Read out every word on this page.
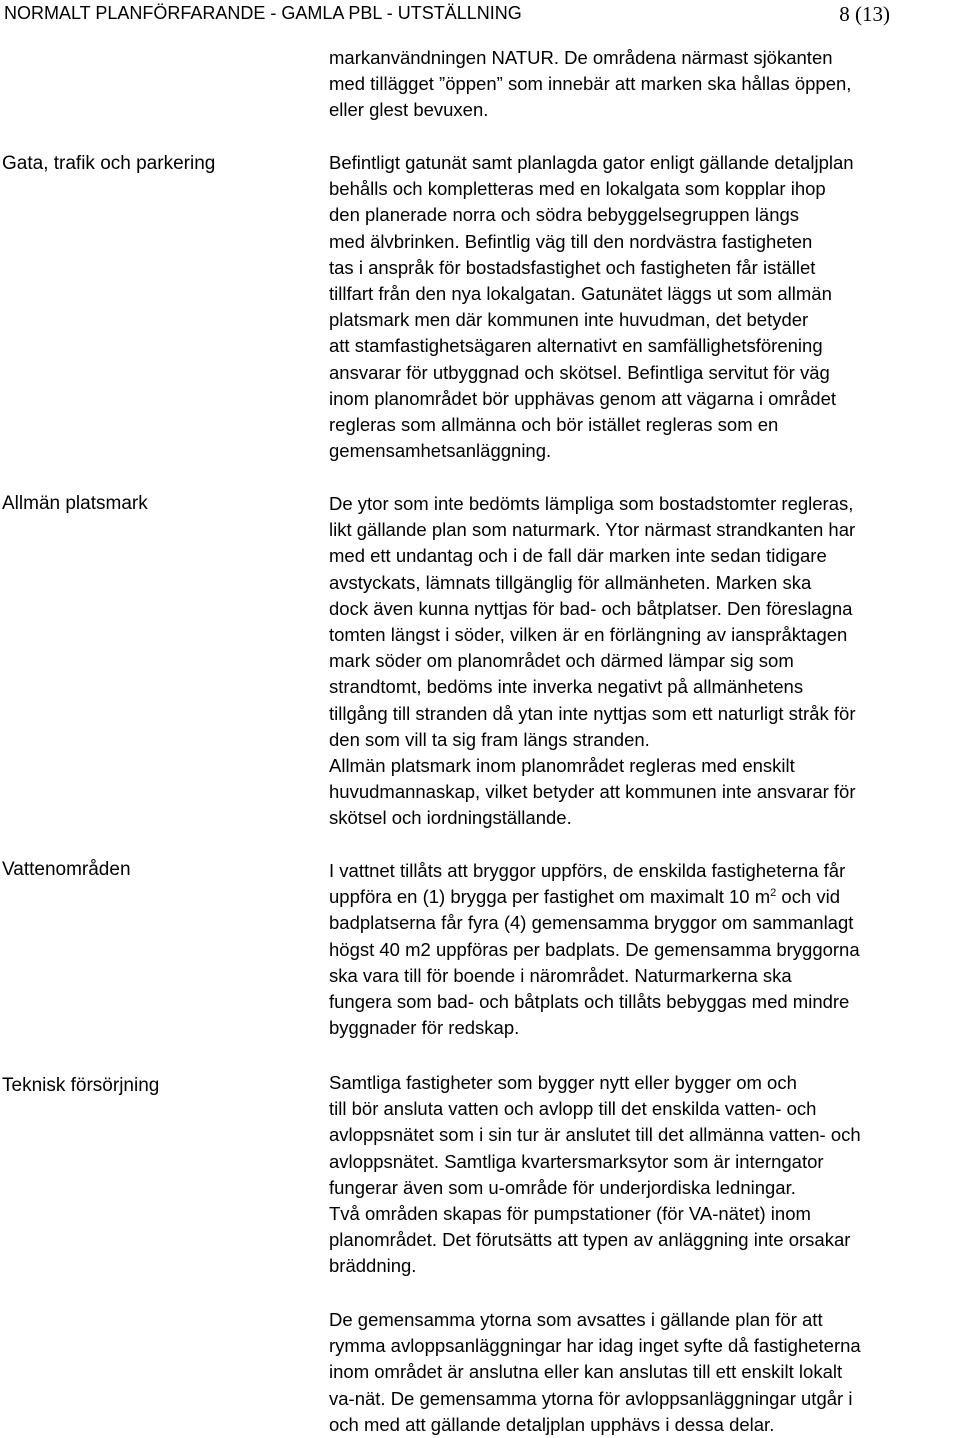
NORMALT PLANFÖRFARANDE - GAMLA PBL - UTSTÄLLNING	8 (13)
Gata, trafik och parkering
Allmän platsmark
Vattenområden
Teknisk försörjning
markanvändningen NATUR. De områdena närmast sjökanten
med tillägget ”öppen” som innebär att marken ska hållas öppen,
eller glest bevuxen.
Befintligt gatunät samt planlagda gator enligt gällande detaljplan
behålls och kompletteras med en lokalgata som kopplar ihop
den planerade norra och södra bebyggelsegruppen längs
med älvbrinken. Befintlig väg till den nordvästra fastigheten
tas i anspråk för bostadsfastighet och fastigheten får istället
tillfart från den nya lokalgatan. Gatunätet läggs ut som allmän
platsmark men där kommunen inte huvudman, det betyder
att stamfastighetsägaren alternativt en samfällighetsförening
ansvarar för utbyggnad och skötsel. Befintliga servitut för väg
inom planområdet bör upphävas genom att vägarna i området
regleras som allmänna och bör istället regleras som en
gemensamhetsanläggning.
De ytor som inte bedömts lämpliga som bostadstomter regleras,
likt gällande plan som naturmark. Ytor närmast strandkanten har
med ett undantag och i de fall där marken inte sedan tidigare
avstyckats, lämnats tillgänglig för allmänheten. Marken ska
dock även kunna nyttjas för bad- och båtplatser. Den föreslagna
tomten längst i söder, vilken är en förlängning av ianspråktagen
mark söder om planområdet och därmed lämpar sig som
strandtomt, bedöms inte inverka negativt på allmänhetens
tillgång till stranden då ytan inte nyttjas som ett naturligt stråk för
den som vill ta sig fram längs stranden.
Allmän platsmark inom planområdet regleras med enskilt
huvudmannaskap, vilket betyder att kommunen inte ansvarar för
skötsel och iordningställande.
I vattnet tillåts att bryggor uppförs, de enskilda fastigheterna får
uppföra en (1) brygga per fastighet om maximalt 10 $m^2$ och vid
badplatserna får fyra (4) gemensamma bryggor om sammanlagt
högst 40 m2 uppföras per badplats. De gemensamma bryggorna
ska vara till för boende i närområdet. Naturmarkerna ska
fungera som bad- och båtplats och tillåts bebyggas med mindre
byggnader för redskap.
Samtliga fastigheter som bygger nytt eller bygger om och
till bör ansluta vatten och avlopp till det enskilda vatten- och
avloppsnätet som i sin tur är anslutet till det allmänna vatten- och
avloppsnätet. Samtliga kvartersmarksytor som är interngator
fungerar även som u-område för underjordiska ledningar.
Två områden skapas för pumpstationer (för VA-nätet) inom
planområdet. Det förutsätts att typen av anläggning inte orsakar
bräddning.
De gemensamma ytorna som avsattes i gällande plan för att
rymma avloppsanläggningar har idag inget syfte då fastigheterna
inom området är anslutna eller kan anslutas till ett enskilt lokalt
va-nät. De gemensamma ytorna för avloppsanläggningar utgår i
och med att gällande detaljplan upphävs i dessa delar.
